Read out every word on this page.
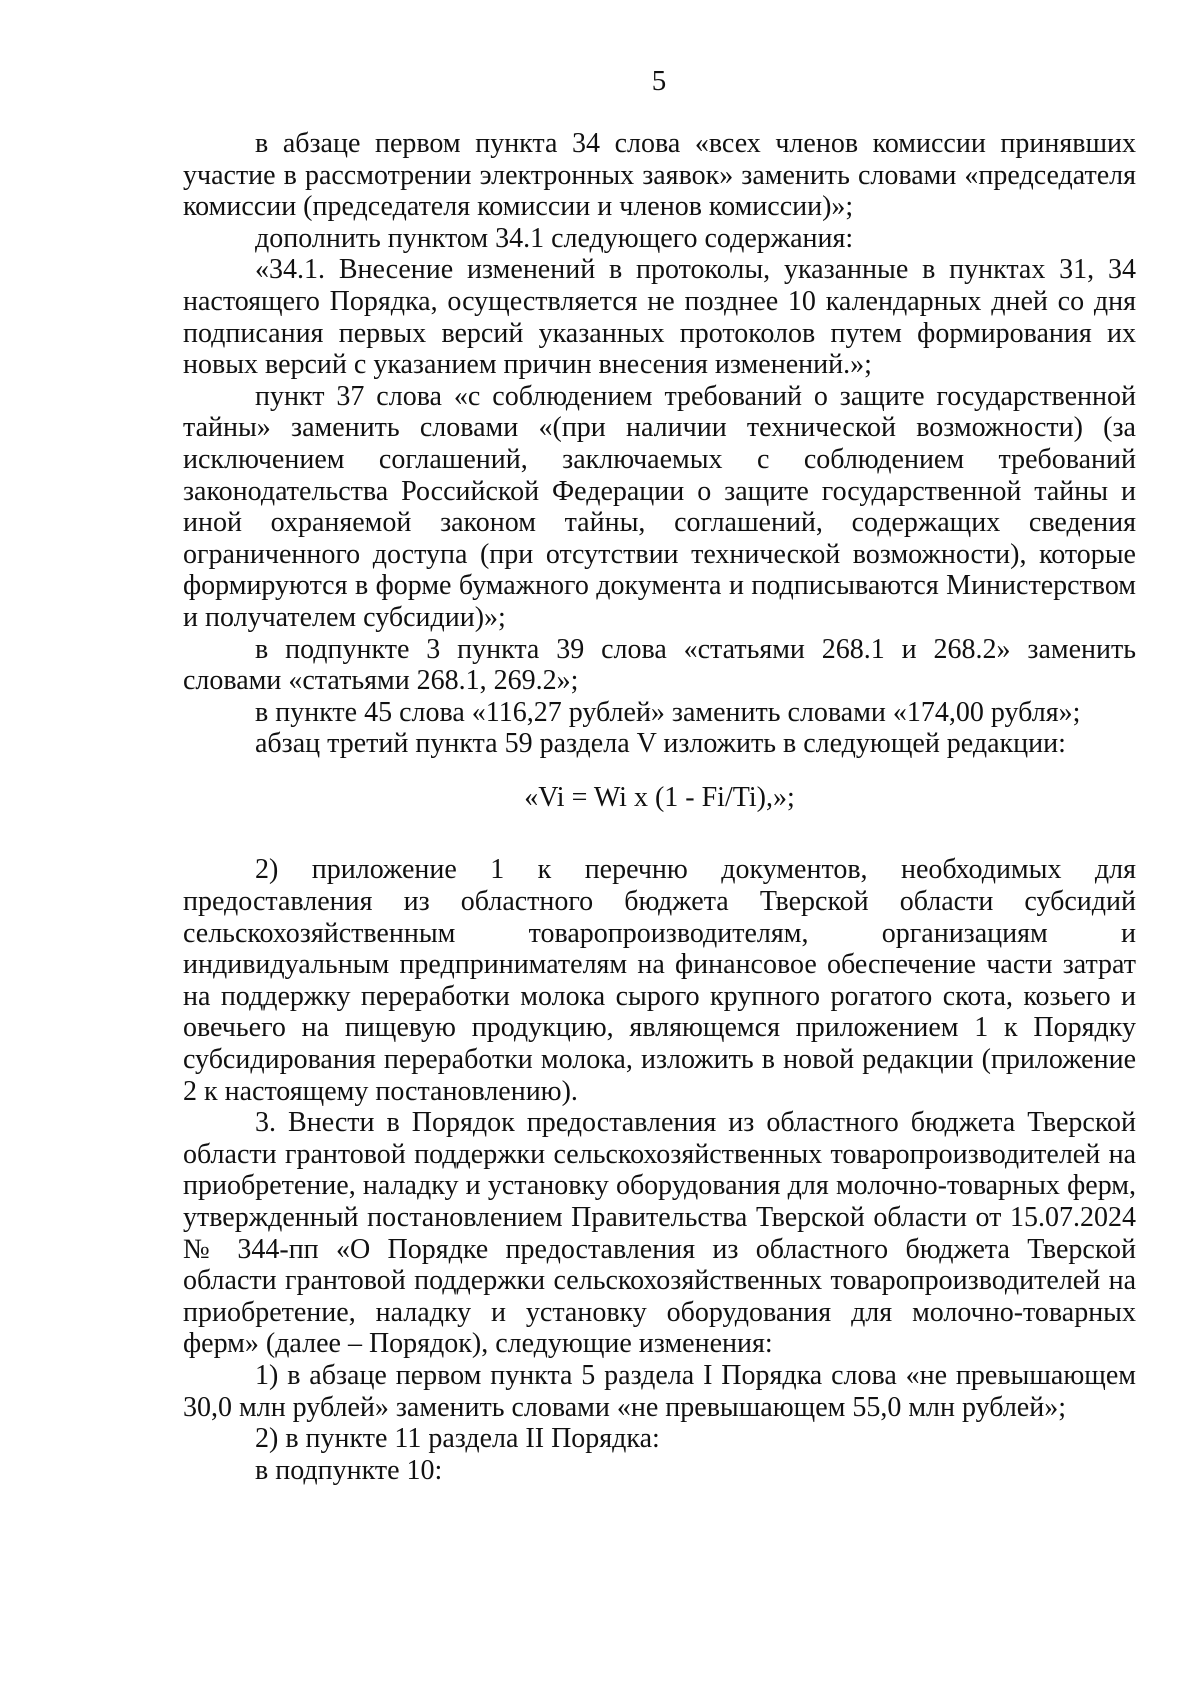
5

в абзаце первом пункта 34 слова «всех членов комиссии принявших участие в рассмотрении электронных заявок» заменить словами «председателя комиссии (председателя комиссии и членов комиссии)»;

дополнить пунктом 34.1 следующего содержания:

«34.1. Внесение изменений в протоколы, указанные в пунктах 31, 34 настоящего Порядка, осуществляется не позднее 10 календарных дней со дня подписания первых версий указанных протоколов путем формирования их новых версий с указанием причин внесения изменений.»;

пункт 37 слова «с соблюдением требований о защите государственной тайны» заменить словами «(при наличии технической возможности) (за исключением соглашений, заключаемых с соблюдением требований законодательства Российской Федерации о защите государственной тайны и иной охраняемой законом тайны, соглашений, содержащих сведения ограниченного доступа (при отсутствии технической возможности), которые формируются в форме бумажного документа и подписываются Министерством и получателем субсидии)»;

в подпункте 3 пункта 39 слова «статьями 268.1 и 268.2» заменить словами «статьями 268.1, 269.2»;

в пункте 45 слова «116,27 рублей» заменить словами «174,00 рубля»;

абзац третий пункта 59 раздела V изложить в следующей редакции:

«Vi = Wi x (1 - Fi/Ti),»;

2) приложение 1 к перечню документов, необходимых для предоставления из областного бюджета Тверской области субсидий сельскохозяйственным товаропроизводителям, организациям и индивидуальным предпринимателям на финансовое обеспечение части затрат на поддержку переработки молока сырого крупного рогатого скота, козьего и овечьего на пищевую продукцию, являющемся приложением 1 к Порядку субсидирования переработки молока, изложить в новой редакции (приложение 2 к настоящему постановлению).

3. Внести в Порядок предоставления из областного бюджета Тверской области грантовой поддержки сельскохозяйственных товаропроизводителей на приобретение, наладку и установку оборудования для молочно-товарных ферм, утвержденный постановлением Правительства Тверской области от 15.07.2024 № 344-пп «О Порядке предоставления из областного бюджета Тверской области грантовой поддержки сельскохозяйственных товаропроизводителей на приобретение, наладку и установку оборудования для молочно-товарных ферм» (далее – Порядок), следующие изменения:

1) в абзаце первом пункта 5 раздела I Порядка слова «не превышающем 30,0 млн рублей» заменить словами «не превышающем 55,0 млн рублей»;

2) в пункте 11 раздела II Порядка:

в подпункте 10:
